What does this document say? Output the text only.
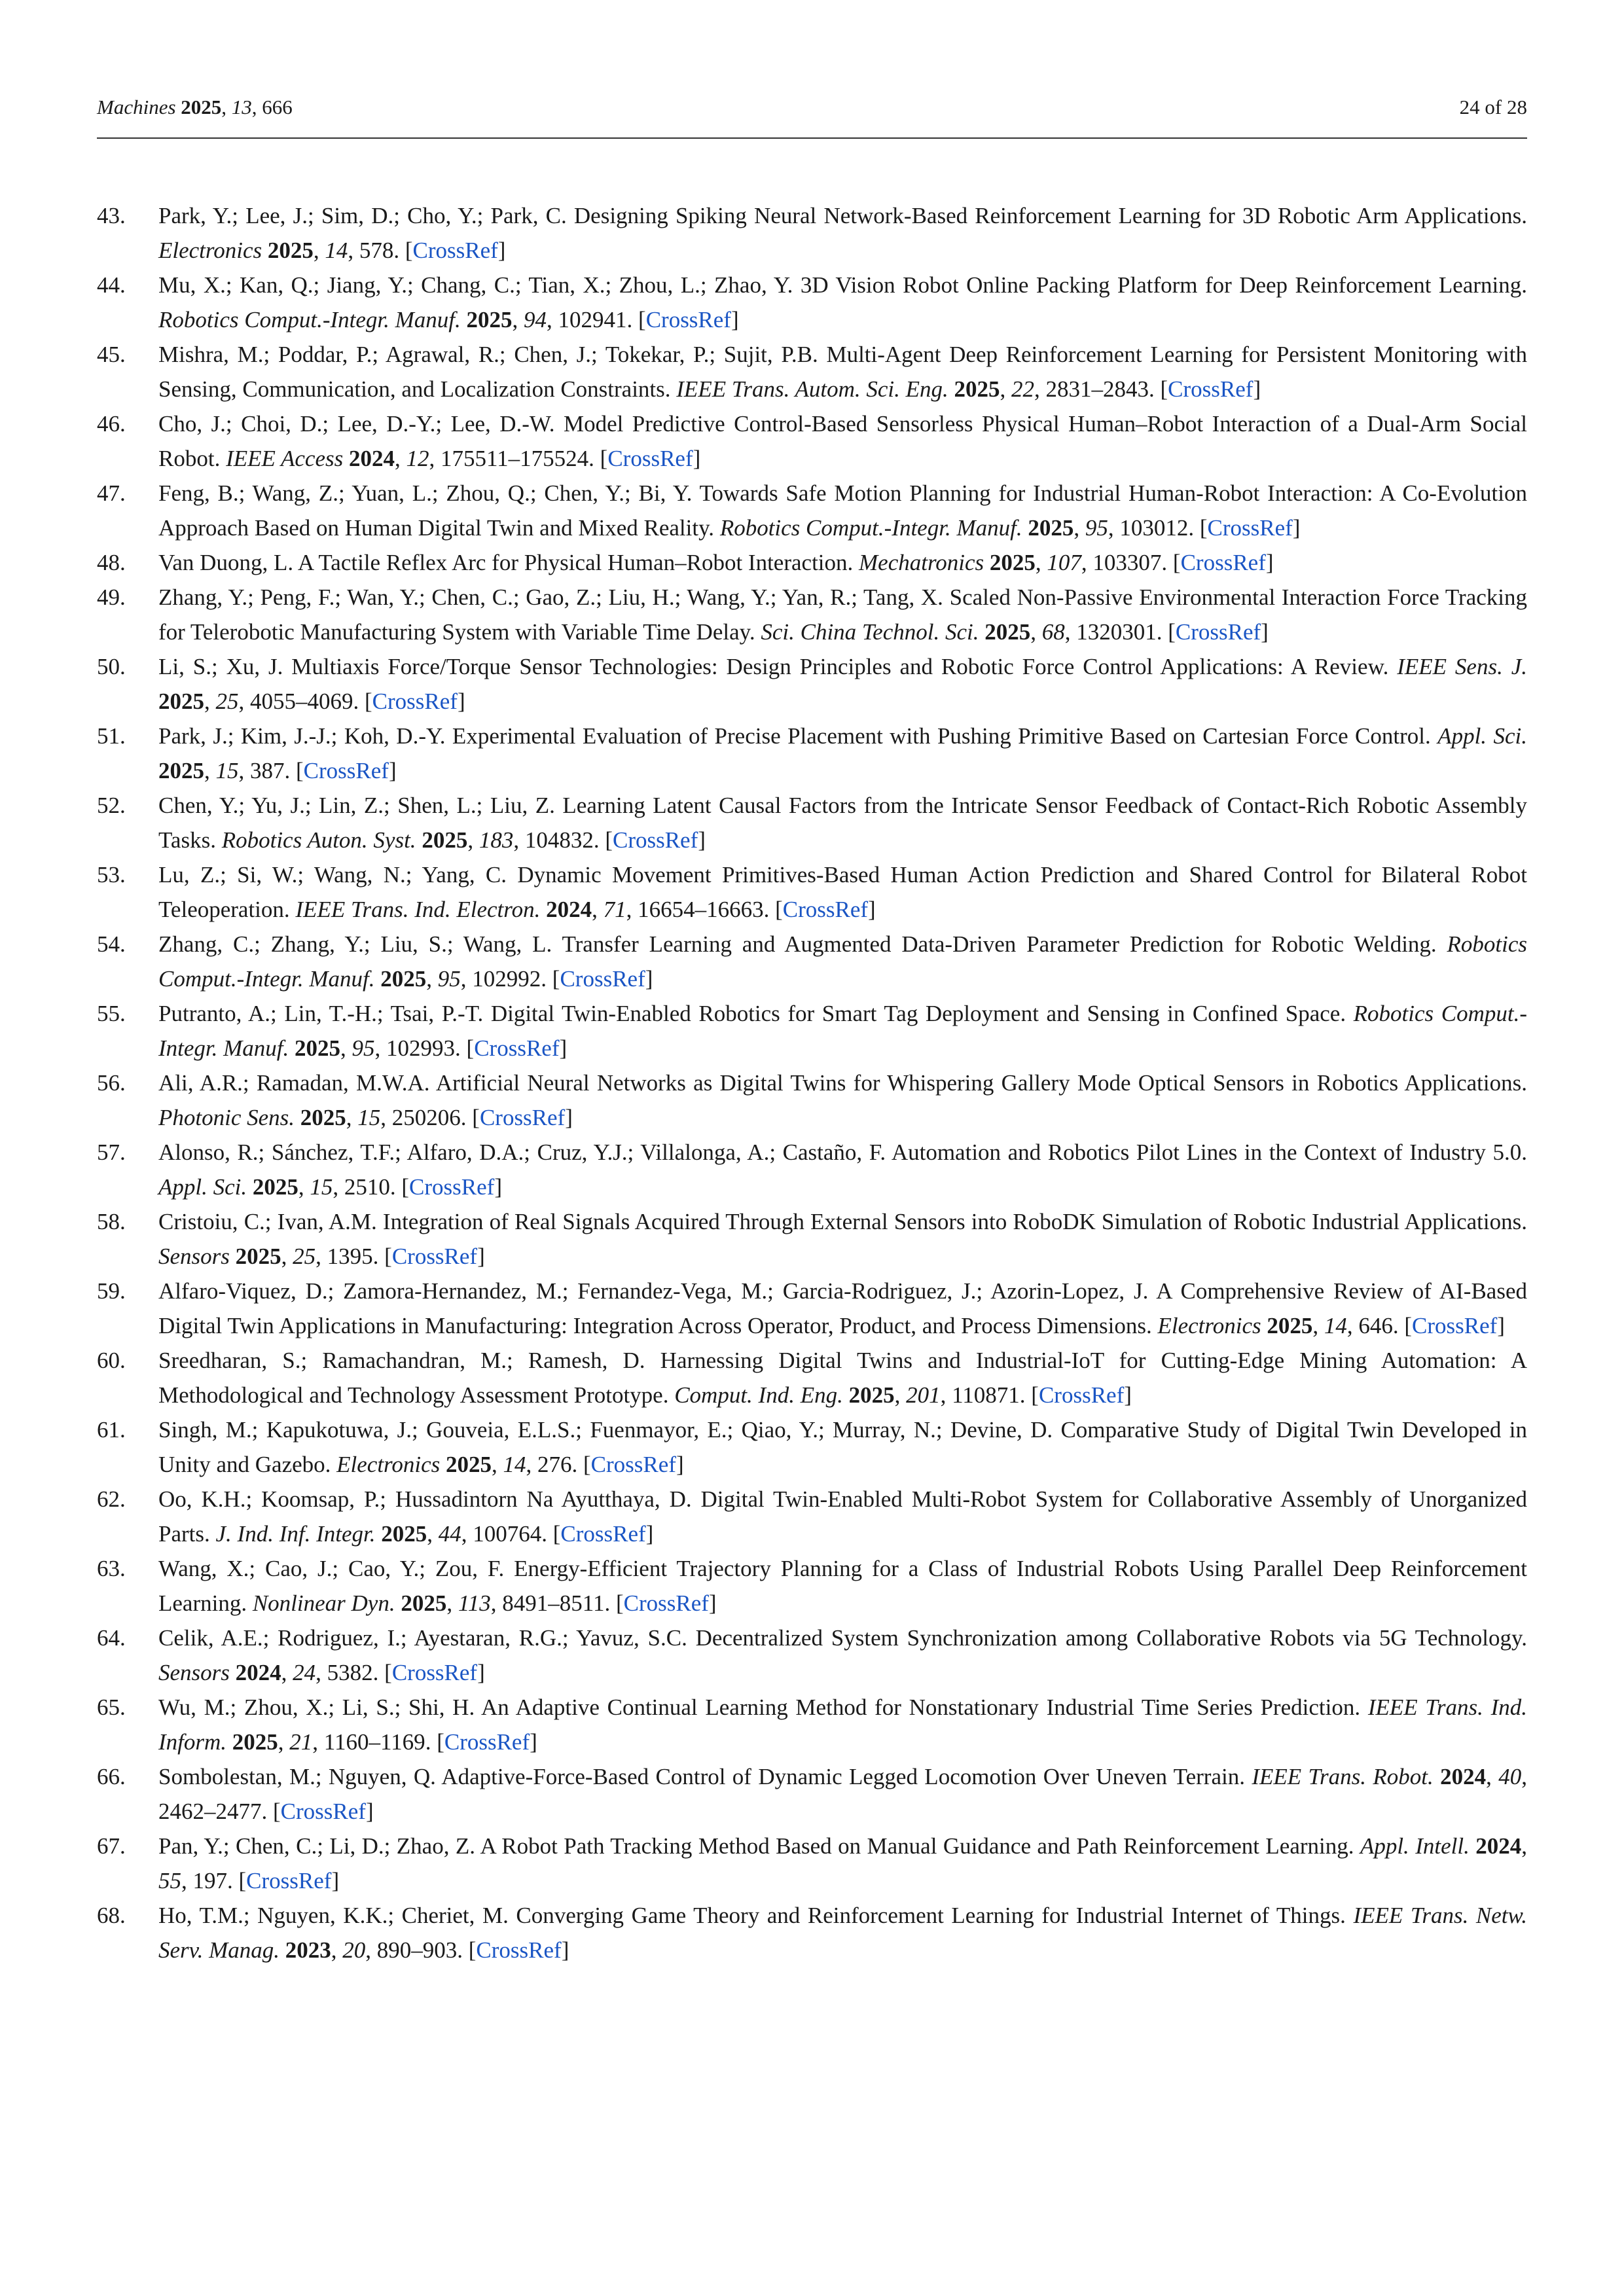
Machines 2025, 13, 666	24 of 28
43. Park, Y.; Lee, J.; Sim, D.; Cho, Y.; Park, C. Designing Spiking Neural Network-Based Reinforcement Learning for 3D Robotic Arm Applications. Electronics 2025, 14, 578. [CrossRef]
44. Mu, X.; Kan, Q.; Jiang, Y.; Chang, C.; Tian, X.; Zhou, L.; Zhao, Y. 3D Vision Robot Online Packing Platform for Deep Reinforcement Learning. Robotics Comput.-Integr. Manuf. 2025, 94, 102941. [CrossRef]
45. Mishra, M.; Poddar, P.; Agrawal, R.; Chen, J.; Tokekar, P.; Sujit, P.B. Multi-Agent Deep Reinforcement Learning for Persistent Monitoring with Sensing, Communication, and Localization Constraints. IEEE Trans. Autom. Sci. Eng. 2025, 22, 2831–2843. [CrossRef]
46. Cho, J.; Choi, D.; Lee, D.-Y.; Lee, D.-W. Model Predictive Control-Based Sensorless Physical Human–Robot Interaction of a Dual-Arm Social Robot. IEEE Access 2024, 12, 175511–175524. [CrossRef]
47. Feng, B.; Wang, Z.; Yuan, L.; Zhou, Q.; Chen, Y.; Bi, Y. Towards Safe Motion Planning for Industrial Human-Robot Interaction: A Co-Evolution Approach Based on Human Digital Twin and Mixed Reality. Robotics Comput.-Integr. Manuf. 2025, 95, 103012. [CrossRef]
48. Van Duong, L. A Tactile Reflex Arc for Physical Human–Robot Interaction. Mechatronics 2025, 107, 103307. [CrossRef]
49. Zhang, Y.; Peng, F.; Wan, Y.; Chen, C.; Gao, Z.; Liu, H.; Wang, Y.; Yan, R.; Tang, X. Scaled Non-Passive Environmental Interaction Force Tracking for Telerobotic Manufacturing System with Variable Time Delay. Sci. China Technol. Sci. 2025, 68, 1320301. [CrossRef]
50. Li, S.; Xu, J. Multiaxis Force/Torque Sensor Technologies: Design Principles and Robotic Force Control Applications: A Review. IEEE Sens. J. 2025, 25, 4055–4069. [CrossRef]
51. Park, J.; Kim, J.-J.; Koh, D.-Y. Experimental Evaluation of Precise Placement with Pushing Primitive Based on Cartesian Force Control. Appl. Sci. 2025, 15, 387. [CrossRef]
52. Chen, Y.; Yu, J.; Lin, Z.; Shen, L.; Liu, Z. Learning Latent Causal Factors from the Intricate Sensor Feedback of Contact-Rich Robotic Assembly Tasks. Robotics Auton. Syst. 2025, 183, 104832. [CrossRef]
53. Lu, Z.; Si, W.; Wang, N.; Yang, C. Dynamic Movement Primitives-Based Human Action Prediction and Shared Control for Bilateral Robot Teleoperation. IEEE Trans. Ind. Electron. 2024, 71, 16654–16663. [CrossRef]
54. Zhang, C.; Zhang, Y.; Liu, S.; Wang, L. Transfer Learning and Augmented Data-Driven Parameter Prediction for Robotic Welding. Robotics Comput.-Integr. Manuf. 2025, 95, 102992. [CrossRef]
55. Putranto, A.; Lin, T.-H.; Tsai, P.-T. Digital Twin-Enabled Robotics for Smart Tag Deployment and Sensing in Confined Space. Robotics Comput.-Integr. Manuf. 2025, 95, 102993. [CrossRef]
56. Ali, A.R.; Ramadan, M.W.A. Artificial Neural Networks as Digital Twins for Whispering Gallery Mode Optical Sensors in Robotics Applications. Photonic Sens. 2025, 15, 250206. [CrossRef]
57. Alonso, R.; Sánchez, T.F.; Alfaro, D.A.; Cruz, Y.J.; Villalonga, A.; Castaño, F. Automation and Robotics Pilot Lines in the Context of Industry 5.0. Appl. Sci. 2025, 15, 2510. [CrossRef]
58. Cristoiu, C.; Ivan, A.M. Integration of Real Signals Acquired Through External Sensors into RoboDK Simulation of Robotic Industrial Applications. Sensors 2025, 25, 1395. [CrossRef]
59. Alfaro-Viquez, D.; Zamora-Hernandez, M.; Fernandez-Vega, M.; Garcia-Rodriguez, J.; Azorin-Lopez, J. A Comprehensive Review of AI-Based Digital Twin Applications in Manufacturing: Integration Across Operator, Product, and Process Dimensions. Electronics 2025, 14, 646. [CrossRef]
60. Sreedharan, S.; Ramachandran, M.; Ramesh, D. Harnessing Digital Twins and Industrial-IoT for Cutting-Edge Mining Automation: A Methodological and Technology Assessment Prototype. Comput. Ind. Eng. 2025, 201, 110871. [CrossRef]
61. Singh, M.; Kapukotuwa, J.; Gouveia, E.L.S.; Fuenmayor, E.; Qiao, Y.; Murray, N.; Devine, D. Comparative Study of Digital Twin Developed in Unity and Gazebo. Electronics 2025, 14, 276. [CrossRef]
62. Oo, K.H.; Koomsap, P.; Hussadintorn Na Ayutthaya, D. Digital Twin-Enabled Multi-Robot System for Collaborative Assembly of Unorganized Parts. J. Ind. Inf. Integr. 2025, 44, 100764. [CrossRef]
63. Wang, X.; Cao, J.; Cao, Y.; Zou, F. Energy-Efficient Trajectory Planning for a Class of Industrial Robots Using Parallel Deep Reinforcement Learning. Nonlinear Dyn. 2025, 113, 8491–8511. [CrossRef]
64. Celik, A.E.; Rodriguez, I.; Ayestaran, R.G.; Yavuz, S.C. Decentralized System Synchronization among Collaborative Robots via 5G Technology. Sensors 2024, 24, 5382. [CrossRef]
65. Wu, M.; Zhou, X.; Li, S.; Shi, H. An Adaptive Continual Learning Method for Nonstationary Industrial Time Series Prediction. IEEE Trans. Ind. Inform. 2025, 21, 1160–1169. [CrossRef]
66. Sombolestan, M.; Nguyen, Q. Adaptive-Force-Based Control of Dynamic Legged Locomotion Over Uneven Terrain. IEEE Trans. Robot. 2024, 40, 2462–2477. [CrossRef]
67. Pan, Y.; Chen, C.; Li, D.; Zhao, Z. A Robot Path Tracking Method Based on Manual Guidance and Path Reinforcement Learning. Appl. Intell. 2024, 55, 197. [CrossRef]
68. Ho, T.M.; Nguyen, K.K.; Cheriet, M. Converging Game Theory and Reinforcement Learning for Industrial Internet of Things. IEEE Trans. Netw. Serv. Manag. 2023, 20, 890–903. [CrossRef]
